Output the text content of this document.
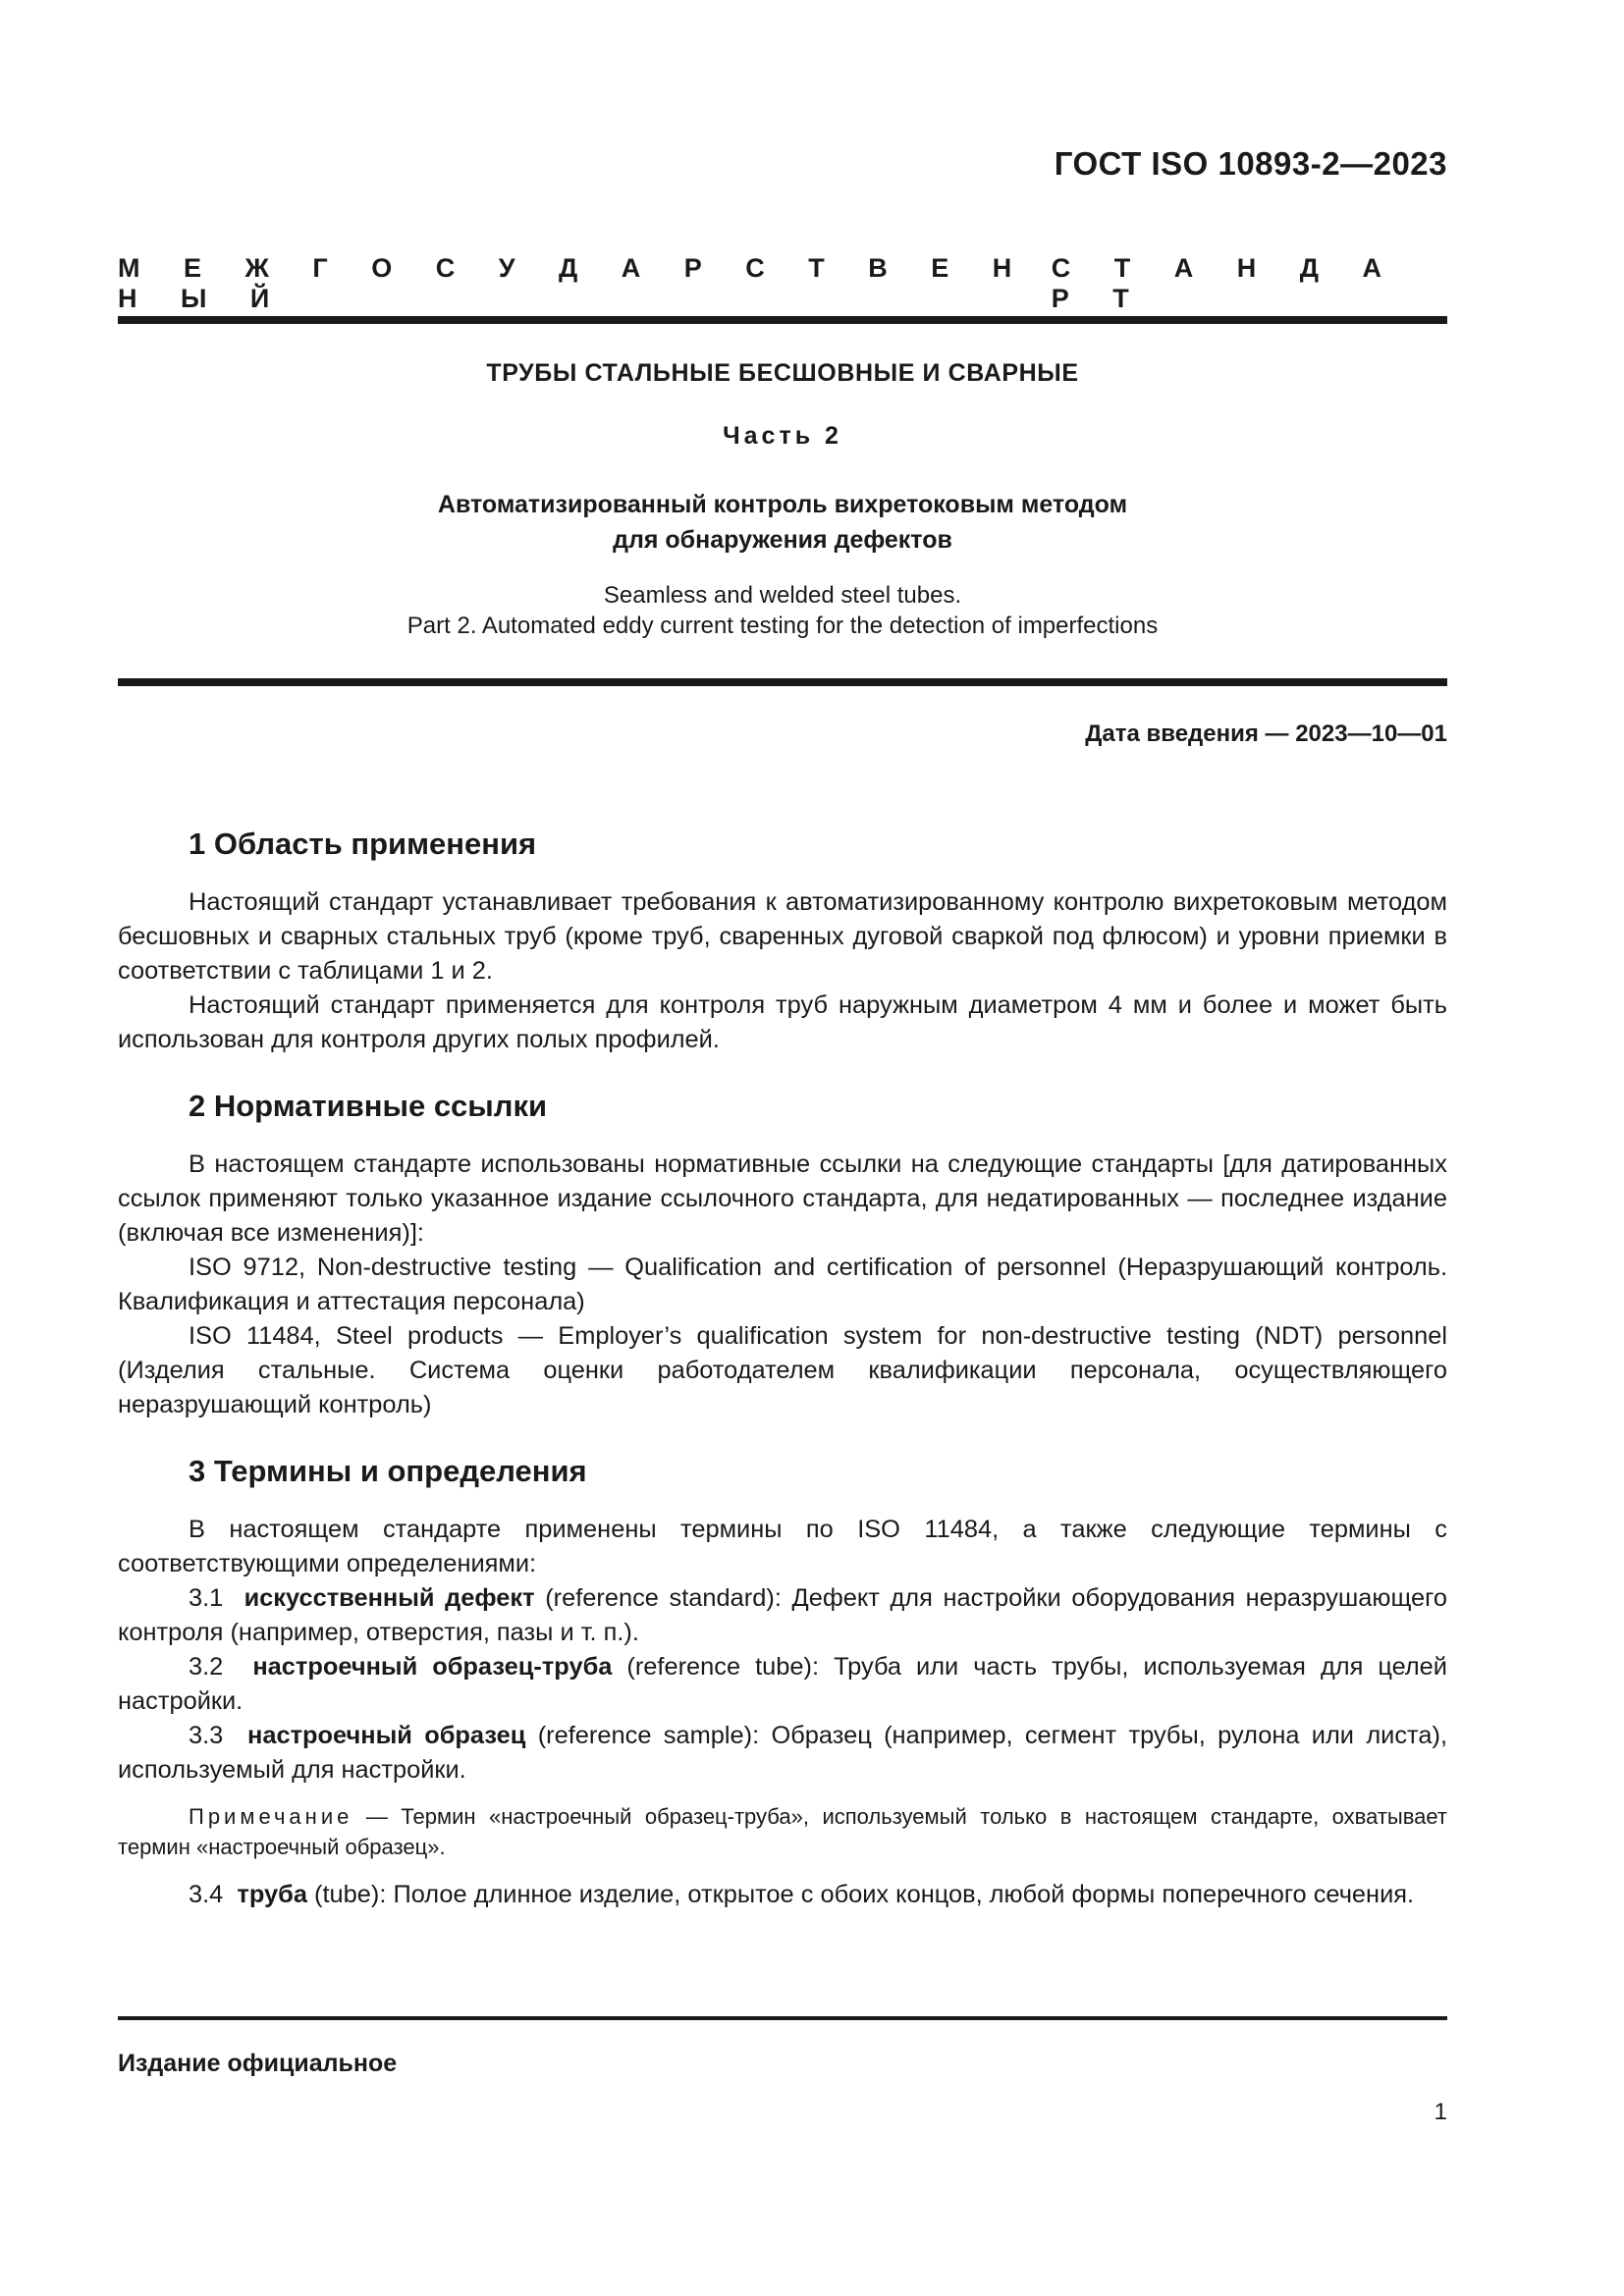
ГОСТ ISO 10893-2—2023
М Е Ж Г О С У Д А Р С Т В Е Н Н Ы Й
С Т А Н Д А Р Т
ТРУБЫ СТАЛЬНЫЕ БЕСШОВНЫЕ И СВАРНЫЕ
Часть 2
Автоматизированный контроль вихретоковым методом
для обнаружения дефектов
Seamless and welded steel tubes.
Part 2. Automated eddy current testing for the detection of imperfections
Дата введения — 2023—10—01
1 Область применения

Настоящий стандарт устанавливает требования к автоматизированному контролю вихретоковым методом бесшовных и сварных стальных труб (кроме труб, сваренных дуговой сваркой под флюсом) и уровни приемки в соответствии с таблицами 1 и 2.

Настоящий стандарт применяется для контроля труб наружным диаметром 4 мм и более и может быть использован для контроля других полых профилей.

2 Нормативные ссылки

В настоящем стандарте использованы нормативные ссылки на следующие стандарты [для датированных ссылок применяют только указанное издание ссылочного стандарта, для недатированных — последнее издание (включая все изменения)]:

ISO 9712, Non-destructive testing — Qualification and certification of personnel (Неразрушающий контроль. Квалификация и аттестация персонала)

ISO 11484, Steel products — Employer’s qualification system for non-destructive testing (NDT) personnel (Изделия стальные. Система оценки работодателем квалификации персонала, осуществляющего неразрушающий контроль)

3 Термины и определения

В настоящем стандарте применены термины по ISO 11484, а также следующие термины с соответствующими определениями:

3.1 искусственный дефект (reference standard): Дефект для настройки оборудования неразрушающего контроля (например, отверстия, пазы и т. п.).

3.2 настроечный образец-труба (reference tube): Труба или часть трубы, используемая для целей настройки.

3.3 настроечный образец (reference sample): Образец (например, сегмент трубы, рулона или листа), используемый для настройки.

Примечание — Термин «настроечный образец-труба», используемый только в настоящем стандарте, охватывает термин «настроечный образец».

3.4 труба (tube): Полое длинное изделие, открытое с обоих концов, любой формы поперечного сечения.

Издание официальное
1
